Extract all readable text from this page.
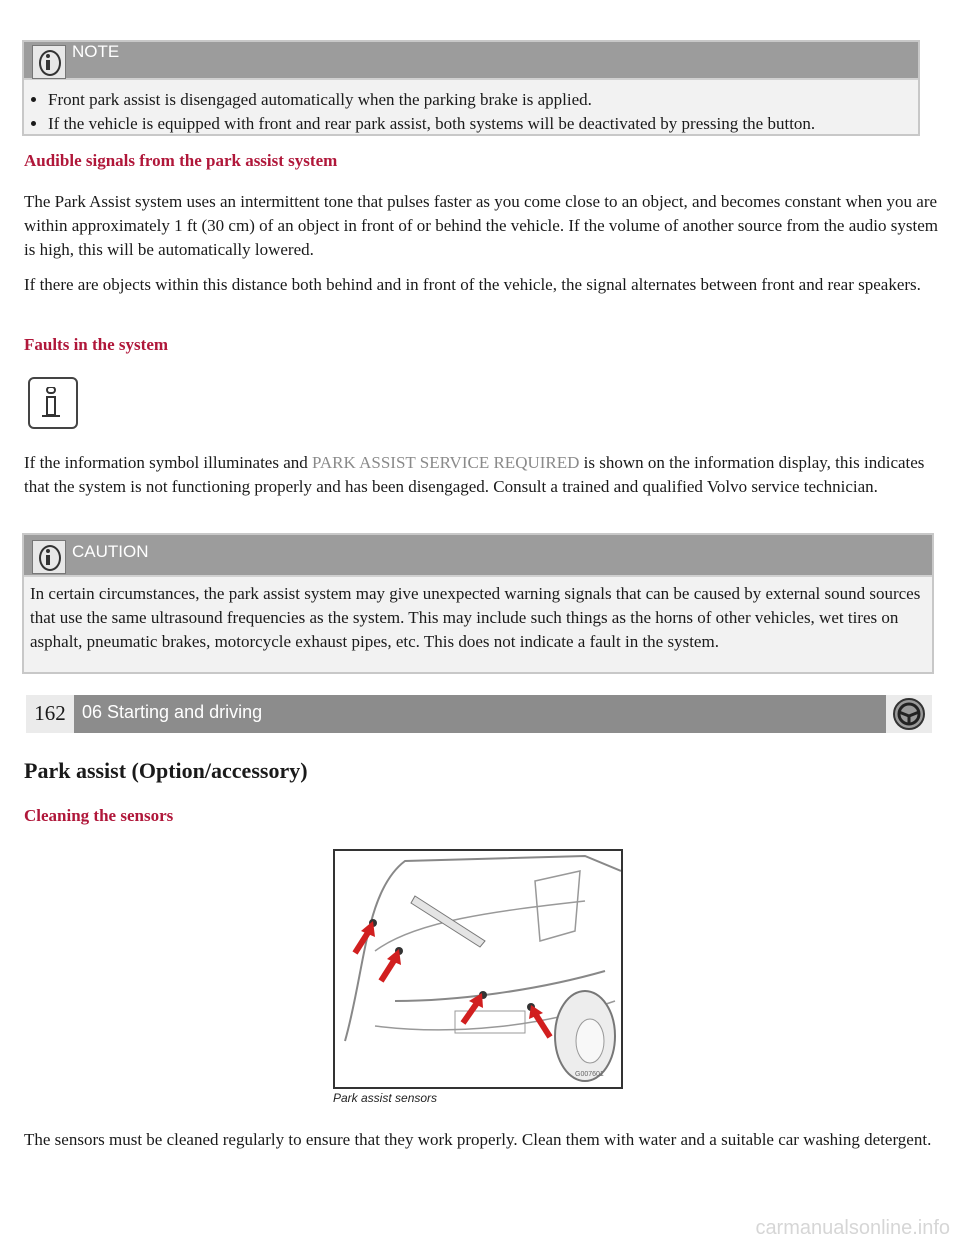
NOTE
• Front park assist is disengaged automatically when the parking brake is applied.
• If the vehicle is equipped with front and rear park assist, both systems will be deactivated by pressing the button.
Audible signals from the park assist system
The Park Assist system uses an intermittent tone that pulses faster as you come close to an object, and becomes constant when you are within approximately 1 ft (30 cm) of an object in front of or behind the vehicle. If the volume of another source from the audio system is high, this will be automatically lowered.
If there are objects within this distance both behind and in front of the vehicle, the signal alternates between front and rear speakers.
Faults in the system
If the information symbol illuminates and PARK ASSIST SERVICE REQUIRED is shown on the information display, this indicates that the system is not functioning properly and has been disengaged. Consult a trained and qualified Volvo service technician.
CAUTION
In certain circumstances, the park assist system may give unexpected warning signals that can be caused by external sound sources that use the same ultrasound frequencies as the system. This may include such things as the horns of other vehicles, wet tires on asphalt, pneumatic brakes, motorcycle exhaust pipes, etc. This does not indicate a fault in the system.
162 06 Starting and driving
Park assist (Option/accessory)
Cleaning the sensors
G007601
Park assist sensors
The sensors must be cleaned regularly to ensure that they work properly. Clean them with water and a suitable car washing detergent.
carmanualsonline.info
